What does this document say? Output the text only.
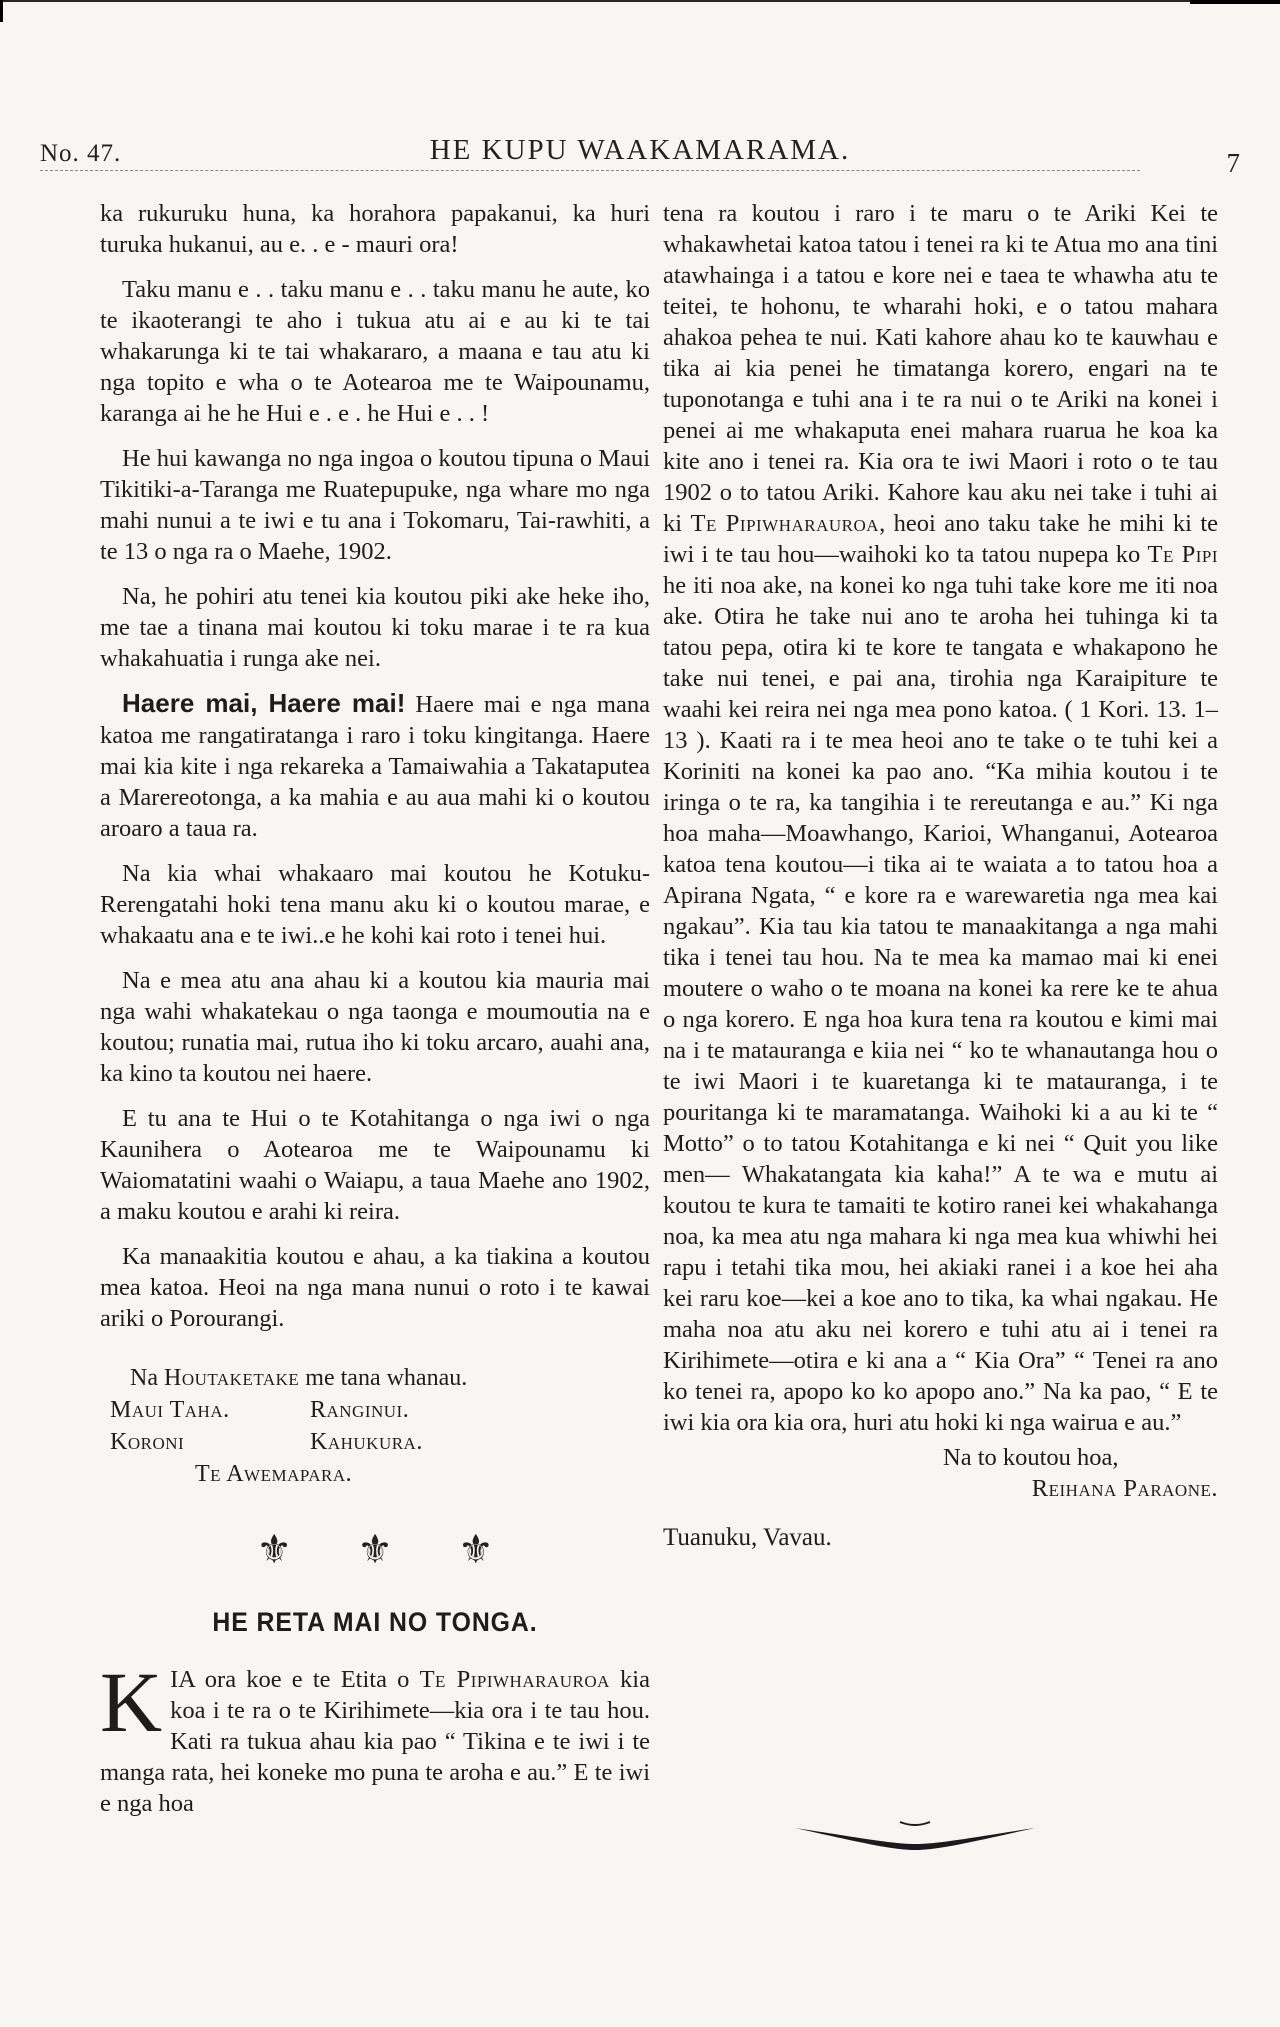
No. 47.	HE KUPU WAAKAMARAMA.	7

ka rukuruku huna, ka horahora papakanui, ka huri turuka hukanui, au e. . e - mauri ora!

Taku manu e . . taku manu e . . taku manu he aute, ko te ikaoterangi te aho i tukua atu ai e au ki te tai whakarunga ki te tai whakararo, a maana e tau atu ki nga topito e wha o te Aotearoa me te Waipounamu, karanga ai he he Hui e . e . he Hui e . . !

He hui kawanga no nga ingoa o koutou tipuna o Maui Tikitiki-a-Taranga me Ruatepupuke, nga whare mo nga mahi nunui a te iwi e tu ana i Tokomaru, Tai-rawhiti, a te 13 o nga ra o Maehe, 1902.

Na, he pohiri atu tenei kia koutou piki ake heke iho, me tae a tinana mai koutou ki toku marae i te ra kua whakahuatia i runga ake nei.

Haere mai, Haere mai! Haere mai e nga mana katoa me rangatiratanga i raro i toku kingitanga. Haere mai kia kite i nga rekareka a Tamaiwahia a Takataputea a Marereotonga, a ka mahia e au aua mahi ki o koutou aroaro a taua ra.

Na kia whai whakaaro mai koutou he Kotuku-Rerengatahi hoki tena manu aku ki o koutou marae, e whakaatu ana e te iwi..e he kohi kai roto i tenei hui.

Na e mea atu ana ahau ki a koutou kia mauria mai nga wahi whakatekau o nga taonga e moumoutia na e koutou; runatia mai, rutua iho ki toku arcaro, auahi ana, ka kino ta koutou nei haere.

E tu ana te Hui o te Kotahitanga o nga iwi o nga Kaunihera o Aotearoa me te Waipounamu ki Waiomatatini waahi o Waiapu, a taua Maehe ano 1902, a maku koutou e arahi ki reira.

Ka manaakitia koutou e ahau, a ka tiakina a koutou mea katoa. Heoi na nga mana nunui o roto i te kawai ariki o Porourangi.

Na Houtaketake me tana whanau.
Maui Taha.	Ranginui.
Koroni	Kahukura.
Te Awemapara.
⚜ ⚜ ⚜
HE RETA MAI NO TONGA.
K IA ora koe e te Etita o Te Pipiwharauroa kia koa i te ra o te Kirihimete—kia ora i te tau hou. Kati ra tukua ahau kia pao “ Tikina e te iwi i te manga rata, hei koneke mo puna te aroha e au.” E te iwi e nga hoa

tena ra koutou i raro i te maru o te Ariki Kei te whakawhetai katoa tatou i tenei ra ki te Atua mo ana tini atawhainga i a tatou e kore nei e taea te whawha atu te teitei, te hohonu, te wharahi hoki, e o tatou mahara ahakoa pehea te nui. Kati kahore ahau ko te kauwhau e tika ai kia penei he timatanga korero, engari na te tuponotanga e tuhi ana i te ra nui o te Ariki na konei i penei ai me whakaputa enei mahara ruarua he koa ka kite ano i tenei ra. Kia ora te iwi Maori i roto o te tau 1902 o to tatou Ariki. Kahore kau aku nei take i tuhi ai ki Te Pipiwharauroa, heoi ano taku take he mihi ki te iwi i te tau hou—waihoki ko ta tatou nupepa ko Te Pipi he iti noa ake, na konei ko nga tuhi take kore me iti noa ake. Otira he take nui ano te aroha hei tuhinga ki ta tatou pepa, otira ki te kore te tangata e whakapono he take nui tenei, e pai ana, tirohia nga Karaipiture te waahi kei reira nei nga mea pono katoa. ( 1 Kori. 13. 1–13 ). Kaati ra i te mea heoi ano te take o te tuhi kei a Koriniti na konei ka pao ano. “Ka mihia koutou i te iringa o te ra, ka tangihia i te rereutanga e au.” Ki nga hoa maha—Moawhango, Karioi, Whanganui, Aotearoa katoa tena koutou—i tika ai te waiata a to tatou hoa a Apirana Ngata, “ e kore ra e warewaretia nga mea kai ngakau”. Kia tau kia tatou te manaakitanga a nga mahi tika i tenei tau hou. Na te mea ka mamao mai ki enei moutere o waho o te moana na konei ka rere ke te ahua o nga korero. E nga hoa kura tena ra koutou e kimi mai na i te matauranga e kiia nei “ ko te whanautanga hou o te iwi Maori i te kuaretanga ki te matauranga, i te pouritanga ki te maramatanga. Waihoki ki a au ki te “ Motto” o to tatou Kotahitanga e ki nei “ Quit you like men— Whakatangata kia kaha!” A te wa e mutu ai koutou te kura te tamaiti te kotiro ranei kei whakahanga noa, ka mea atu nga mahara ki nga mea kua whiwhi hei rapu i tetahi tika mou, hei akiaki ranei i a koe hei aha kei raru koe—kei a koe ano to tika, ka whai ngakau. He maha noa atu aku nei korero e tuhi atu ai i tenei ra Kirihimete—otira e ki ana a “ Kia Ora” “ Tenei ra ano ko tenei ra, apopo ko ko apopo ano.” Na ka pao, “ E te iwi kia ora kia ora, huri atu hoki ki nga wairua e au.”

Na to koutou hoa,
Reihana Paraone.
Tuanuku, Vavau.
